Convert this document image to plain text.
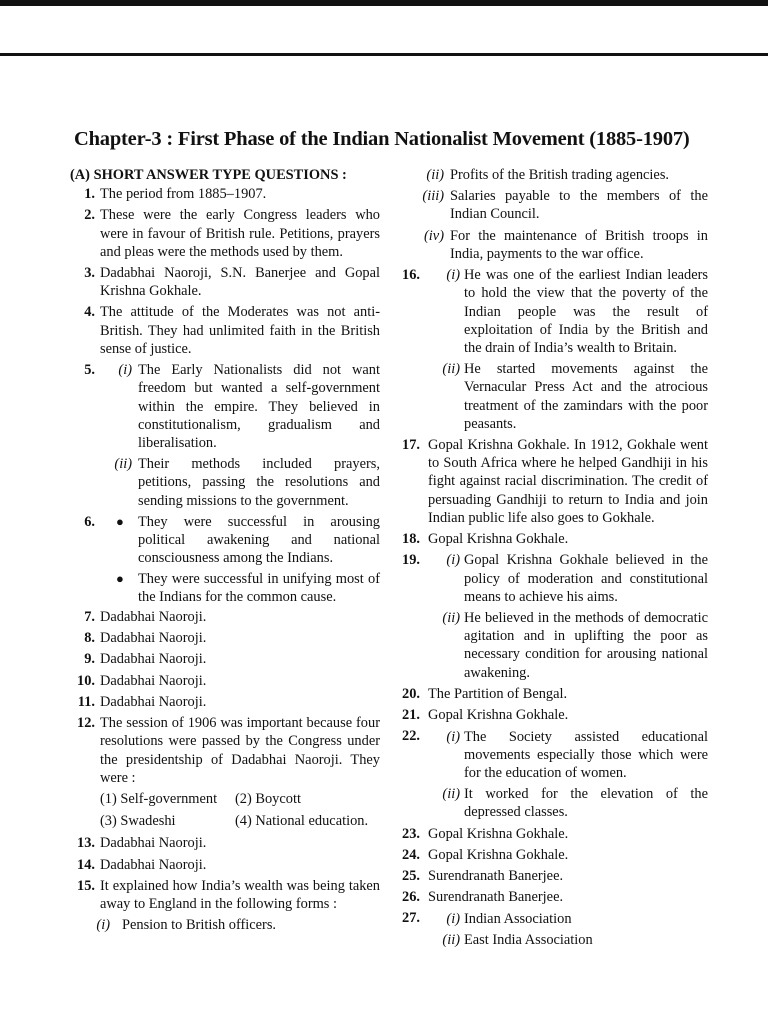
Chapter-3 : First Phase of the Indian Nationalist Movement (1885-1907)
(A) SHORT ANSWER TYPE QUESTIONS :
1. The period from 1885–1907.
2. These were the early Congress leaders who were in favour of British rule. Petitions, prayers and pleas were the methods used by them.
3. Dadabhai Naoroji, S.N. Banerjee and Gopal Krishna Gokhale.
4. The attitude of the Moderates was not anti-British. They had unlimited faith in the British sense of justice.
5.
	(i) The Early Nationalists did not want freedom but wanted a self-government within the empire. They believed in constitutionalism, gradualism and liberalisation.
(ii) Their methods included prayers, petitions, passing the resolutions and sending missions to the government.
6.
● They were successful in arousing political awakening and national consciousness among the Indians.
● They were successful in unifying most of the Indians for the common cause.
7. Dadabhai Naoroji.
8. Dadabhai Naoroji.
9. Dadabhai Naoroji.
10. Dadabhai Naoroji.
11. Dadabhai Naoroji.
12. The session of 1906 was important because four resolutions were passed by the Congress under the presidentship of Dadabhai Naoroji. They were :
(1) Self-government	(2) Boycott
(3) Swadeshi	(4) National education.
13. Dadabhai Naoroji.
14. Dadabhai Naoroji.
15. It explained how India’s wealth was being taken away to England in the following forms :
(i) Pension to British officers.
(ii) Profits of the British trading agencies.
(iii) Salaries payable to the members of the Indian Council.
(iv) For the maintenance of British troops in India, payments to the war office.
16.
	(i) He was one of the earliest Indian leaders to hold the view that the poverty of the Indian people was the result of exploitation of India by the British and the drain of India’s wealth to Britain.
(ii) He started movements against the Vernacular Press Act and the atrocious treatment of the zamindars with the poor peasants.
17. Gopal Krishna Gokhale. In 1912, Gokhale went to South Africa where he helped Gandhiji in his fight against racial discrimination. The credit of persuading Gandhiji to return to India and join Indian public life also goes to Gokhale.
18. Gopal Krishna Gokhale.
19.
	(i) Gopal Krishna Gokhale believed in the policy of moderation and constitutional means to achieve his aims.
(ii) He believed in the methods of democratic agitation and in uplifting the poor as necessary condition for arousing national awakening.
20. The Partition of Bengal.
21. Gopal Krishna Gokhale.
22.
	(i) The Society assisted educational movements especially those which were for the education of women.
(ii) It worked for the elevation of the depressed classes.
23. Gopal Krishna Gokhale.
24. Gopal Krishna Gokhale.
25. Surendranath Banerjee.
26. Surendranath Banerjee.
27.
	(i) Indian Association
(ii) East India Association
